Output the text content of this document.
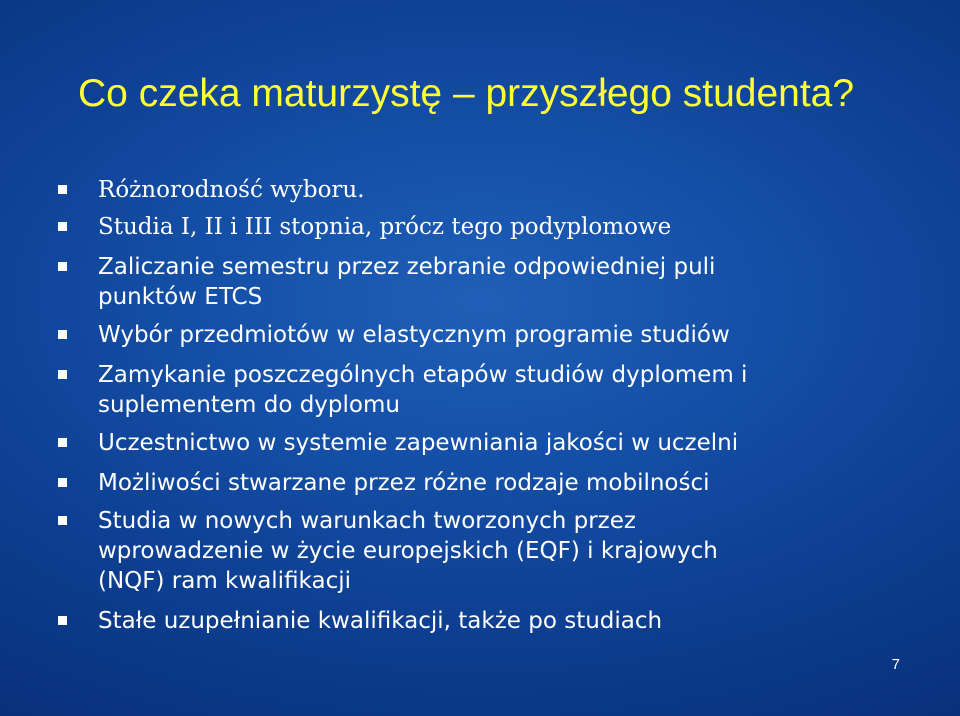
Co czeka maturzystę – przyszłego studenta?
Różnorodność wyboru.
Studia I, II i III stopnia, prócz tego podyplomowe
Zaliczanie semestru przez zebranie odpowiedniej puli
punktów ETCS
Wybór przedmiotów w elastycznym programie studiów
Zamykanie poszczególnych etapów studiów dyplomem i
suplementem do dyplomu
Uczestnictwo w systemie zapewniania jakości w uczelni
Możliwości stwarzane przez różne rodzaje mobilności
Studia w nowych warunkach tworzonych przez
wprowadzenie w życie europejskich (EQF) i krajowych
(NQF) ram kwalifikacji
Stałe uzupełnianie kwalifikacji, także po studiach
7
